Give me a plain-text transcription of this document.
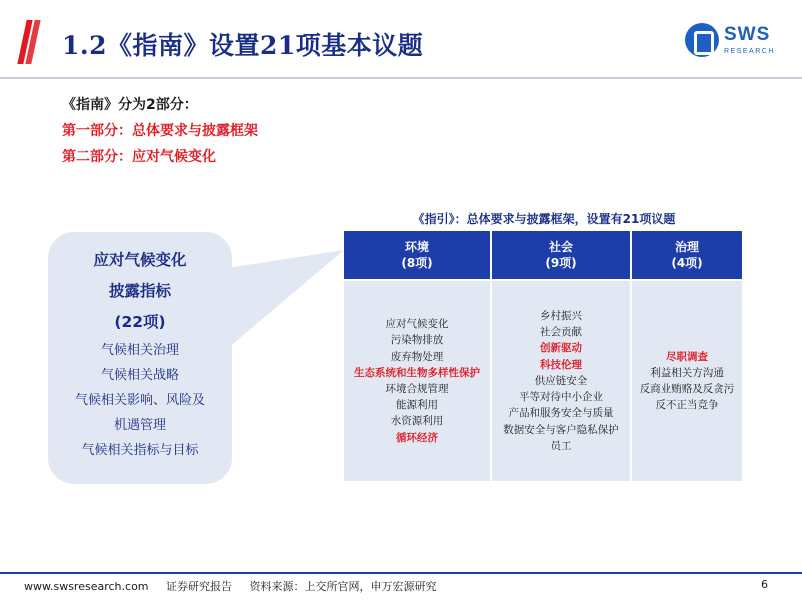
1.2《指南》设置21项基本议题	SWS
RESEARCH
《指南》分为2部分：
第一部分：总体要求与披露框架
第二部分：应对气候变化
应对气候变化
披露指标
(22项)
气候相关治理
气候相关战略
气候相关影响、风险及
机遇管理
气候相关指标与目标
《指引》：总体要求与披露框架，设置有21项议题
环境
(8项)
应对气候变化
污染物排放
废弃物处理
生态系统和生物多样性保护
环境合规管理
能源利用
水资源利用
循环经济
社会
(9项)
乡村振兴
社会贡献
创新驱动
科技伦理
供应链安全
平等对待中小企业
产品和服务安全与质量
数据安全与客户隐私保护
员工
治理
(4项)
尽职调查
利益相关方沟通
反商业贿赂及反贪污
反不正当竞争
www.swsresearch.com 证券研究报告 资料来源：上交所官网，申万宏源研究	6
